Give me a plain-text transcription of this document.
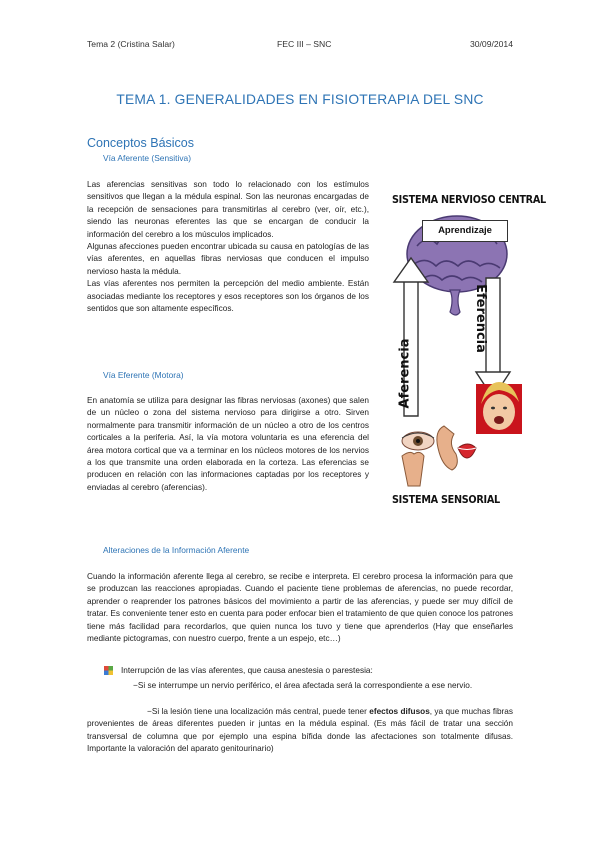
Tema 2 (Cristina Salar)	FEC III – SNC	30/09/2014
TEMA 1. GENERALIDADES EN FISIOTERAPIA DEL SNC
Conceptos Básicos
Vía Aferente (Sensitiva)

Las aferencias sensitivas son todo lo relacionado con los estímulos sensitivos que llegan a la médula espinal. Son las neuronas encargadas de la recepción de sensaciones para transmitirlas al cerebro (ver, oír, etc.), siendo las neuronas eferentes las que se encargan de conducir la información del cerebro a los músculos implicados.

Algunas afecciones pueden encontrar ubicada su causa en patologías de las vías aferentes, en aquellas fibras nerviosas que conducen el impulso nervioso hasta la médula.

Las vías aferentes nos permiten la percepción del medio ambiente. Están asociadas mediante los receptores y esos receptores son los órganos de los sentidos que son altamente específicos.

Vía Eferente (Motora)
En anatomía se utiliza para designar las fibras nerviosas (axones) que salen de un núcleo o zona del sistema nervioso para dirigirse a otro. Sirven normalmente para transmitir información de un núcleo a otro de los centros corticales a la periferia. Así, la vía motora voluntaria es una eferencia del área motora cortical que va a terminar en los núcleos motores de los nervios a los que transmite una orden elaborada en la corteza. Las eferencias se producen en relación con las informaciones captadas por los receptores y enviadas al cerebro (aferencias).
Alteraciones de la Información Aferente
Cuando la información aferente llega al cerebro, se recibe e interpreta. El cerebro procesa la información para que se produzcan las reacciones apropiadas. Cuando el paciente tiene problemas de aferencias, no puede recordar, aprender o reaprender los patrones básicos del movimiento a partir de las aferencias, y puede ser muy difícil de tratar. Es conveniente tener esto en cuenta para poder enfocar bien el tratamiento de que quien conoce los patrones tiene más facilidad para recordarlos, que quien nunca los tuvo y tiene que aprenderlos (Hay que enseñarles mediante pictogramas, con nuestro cuerpo, frente a un espejo, etc…)
Interrupción de las vías aferentes, que causa anestesia o parestesia:
−Si se interrumpe un nervio periférico, el área afectada será la correspondiente a ese nervio.
−Si la lesión tiene una localización más central, puede tener efectos difusos, ya que muchas fibras provenientes de áreas diferentes pueden ir juntas en la médula espinal. (Es más fácil de tratar una sección transversal de columna que por ejemplo una espina bífida donde las afectaciones son totalmente difusas. Importante la valoración del aparato genitourinario)
SISTEMA NERVIOSO CENTRAL
Aprendizaje
Aferencia
Eferencia
SISTEMA SENSORIAL
